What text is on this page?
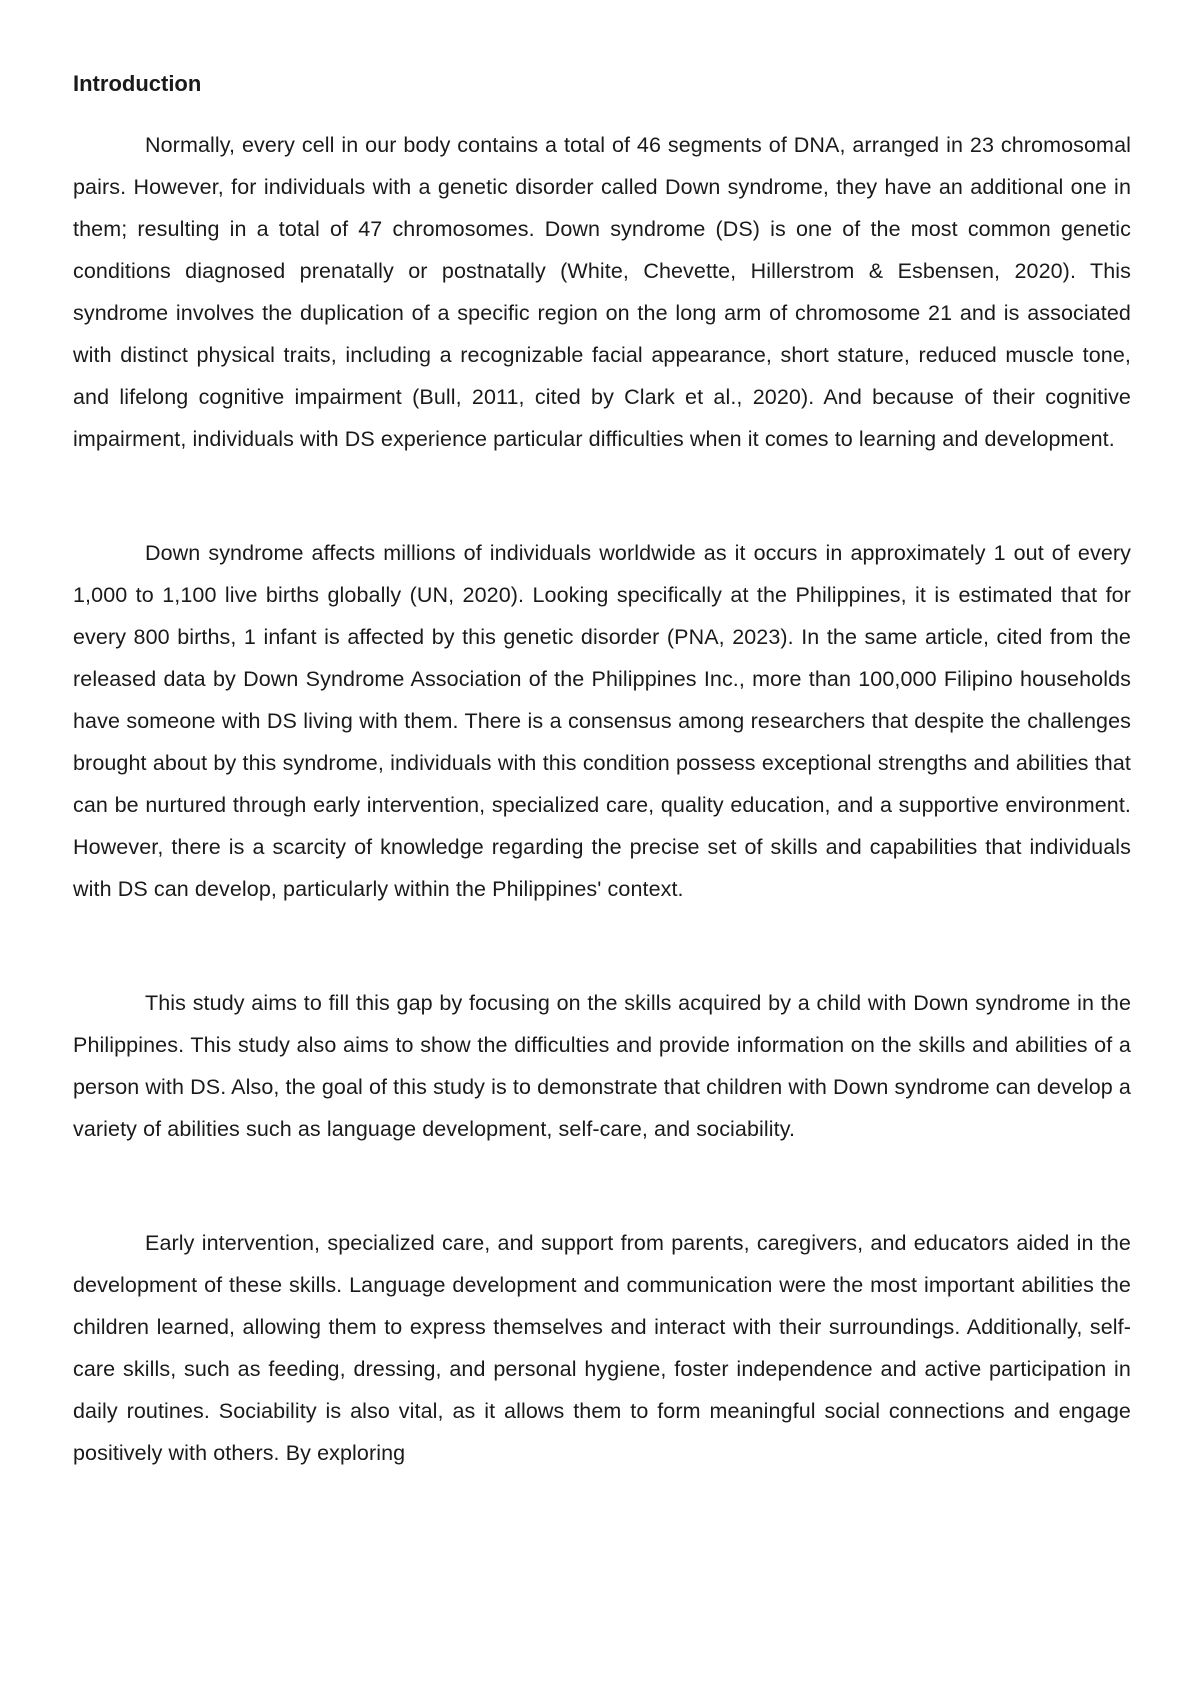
Introduction

Normally, every cell in our body contains a total of 46 segments of DNA, arranged in 23 chromosomal pairs. However, for individuals with a genetic disorder called Down syndrome, they have an additional one in them; resulting in a total of 47 chromosomes. Down syndrome (DS) is one of the most common genetic conditions diagnosed prenatally or postnatally (White, Chevette, Hillerstrom & Esbensen, 2020). This syndrome involves the duplication of a specific region on the long arm of chromosome 21 and is associated with distinct physical traits, including a recognizable facial appearance, short stature, reduced muscle tone, and lifelong cognitive impairment (Bull, 2011, cited by Clark et al., 2020). And because of their cognitive impairment, individuals with DS experience particular difficulties when it comes to learning and development.

Down syndrome affects millions of individuals worldwide as it occurs in approximately 1 out of every 1,000 to 1,100 live births globally (UN, 2020). Looking specifically at the Philippines, it is estimated that for every 800 births, 1 infant is affected by this genetic disorder (PNA, 2023). In the same article, cited from the released data by Down Syndrome Association of the Philippines Inc., more than 100,000 Filipino households have someone with DS living with them. There is a consensus among researchers that despite the challenges brought about by this syndrome, individuals with this condition possess exceptional strengths and abilities that can be nurtured through early intervention, specialized care, quality education, and a supportive environment. However, there is a scarcity of knowledge regarding the precise set of skills and capabilities that individuals with DS can develop, particularly within the Philippines' context.

This study aims to fill this gap by focusing on the skills acquired by a child with Down syndrome in the Philippines. This study also aims to show the difficulties and provide information on the skills and abilities of a person with DS. Also, the goal of this study is to demonstrate that children with Down syndrome can develop a variety of abilities such as language development, self-care, and sociability.

Early intervention, specialized care, and support from parents, caregivers, and educators aided in the development of these skills. Language development and communication were the most important abilities the children learned, allowing them to express themselves and interact with their surroundings. Additionally, self-care skills, such as feeding, dressing, and personal hygiene, foster independence and active participation in daily routines. Sociability is also vital, as it allows them to form meaningful social connections and engage positively with others. By exploring
